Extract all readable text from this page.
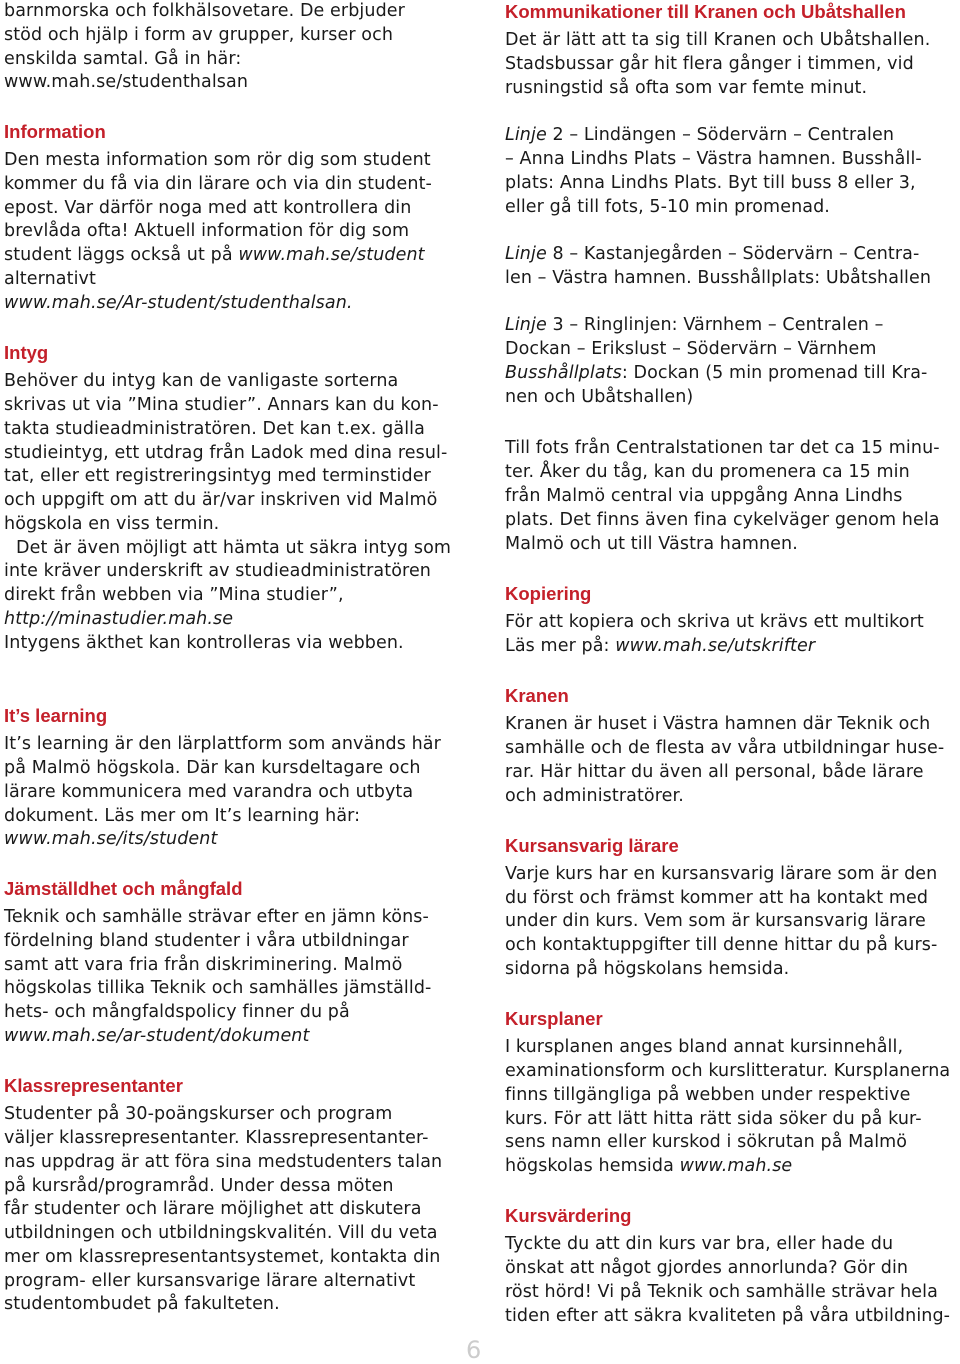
barnmorska och folkhälsovetare. De erbjuder

stöd och hjälp i form av grupper, kurser och

enskilda samtal. Gå in här:

www.mah.se/studenthalsan

Information

Den mesta information som rör dig som student

kommer du få via din lärare och via din student-

epost. Var därför noga med att kontrollera din

brevlåda ofta! Aktuell information för dig som

student läggs också ut på www.mah.se/student

alternativt

www.mah.se/Ar-student/studenthalsan.

Intyg

Behöver du intyg kan de vanligaste sorterna

skrivas ut via ”Mina studier”. Annars kan du kon-

takta studieadministratören. Det kan t.ex. gälla

studieintyg, ett utdrag från Ladok med dina resul-

tat, eller ett registreringsintyg med terminstider

och uppgift om att du är/var inskriven vid Malmö

högskola en viss termin.

Det är även möjligt att hämta ut säkra intyg som

inte kräver underskrift av studieadministratören

direkt från webben via ”Mina studier”,

http://minastudier.mah.se

Intygens äkthet kan kontrolleras via webben.

It’s learning

It’s learning är den lärplattform som används här

på Malmö högskola. Där kan kursdeltagare och

lärare kommunicera med varandra och utbyta

dokument. Läs mer om It’s learning här:

www.mah.se/its/student

Jämställdhet och mångfald

Teknik och samhälle strävar efter en jämn köns-

fördelning bland studenter i våra utbildningar

samt att vara fria från diskriminering. Malmö

högskolas tillika Teknik och samhälles jämställd-

hets- och mångfaldspolicy finner du på

www.mah.se/ar-student/dokument

Klassrepresentanter

Studenter på 30-poängskurser och program

väljer klassrepresentanter. Klassrepresentanter-

nas uppdrag är att föra sina medstudenters talan

på kursråd/programråd. Under dessa möten

får studenter och lärare möjlighet att diskutera

utbildningen och utbildningskvalitén. Vill du veta

mer om klassrepresentantsystemet, kontakta din

program- eller kursansvarige lärare alternativt

studentombudet på fakulteten.

Kommunikationer till Kranen och Ubåtshallen

Det är lätt att ta sig till Kranen och Ubåtshallen.

Stadsbussar går hit flera gånger i timmen, vid

rusningstid så ofta som var femte minut.

Linje 2 – Lindängen – Södervärn – Centralen

– Anna Lindhs Plats – Västra hamnen. Busshåll-

plats: Anna Lindhs Plats. Byt till buss 8 eller 3,

eller gå till fots, 5-10 min promenad.

Linje 8 – Kastanjegården – Södervärn – Centra-

len – Västra hamnen. Busshållplats: Ubåtshallen

Linje 3 – Ringlinjen: Värnhem – Centralen –

Dockan – Erikslust – Södervärn – Värnhem

Busshållplats: Dockan (5 min promenad till Kra-

nen och Ubåtshallen)

Till fots från Centralstationen tar det ca 15 minu-

ter. Åker du tåg, kan du promenera ca 15 min

från Malmö central via uppgång Anna Lindhs

plats. Det finns även fina cykelväger genom hela

Malmö och ut till Västra hamnen.

Kopiering

För att kopiera och skriva ut krävs ett multikort

Läs mer på: www.mah.se/utskrifter

Kranen

Kranen är huset i Västra hamnen där Teknik och

samhälle och de flesta av våra utbildningar huse-

rar. Här hittar du även all personal, både lärare

och administratörer.

Kursansvarig lärare

Varje kurs har en kursansvarig lärare som är den

du först och främst kommer att ha kontakt med

under din kurs. Vem som är kursansvarig lärare

och kontaktuppgifter till denne hittar du på kurs-

sidorna på högskolans hemsida.

Kursplaner

I kursplanen anges bland annat kursinnehåll,

examinationsform och kurslitteratur. Kursplanerna

finns tillgängliga på webben under respektive

kurs. För att lätt hitta rätt sida söker du på kur-

sens namn eller kurskod i sökrutan på Malmö

högskolas hemsida www.mah.se

Kursvärdering

Tyckte du att din kurs var bra, eller hade du

önskat att något gjordes annorlunda? Gör din

röst hörd! Vi på Teknik och samhälle strävar hela

tiden efter att säkra kvaliteten på våra utbildning-

6
